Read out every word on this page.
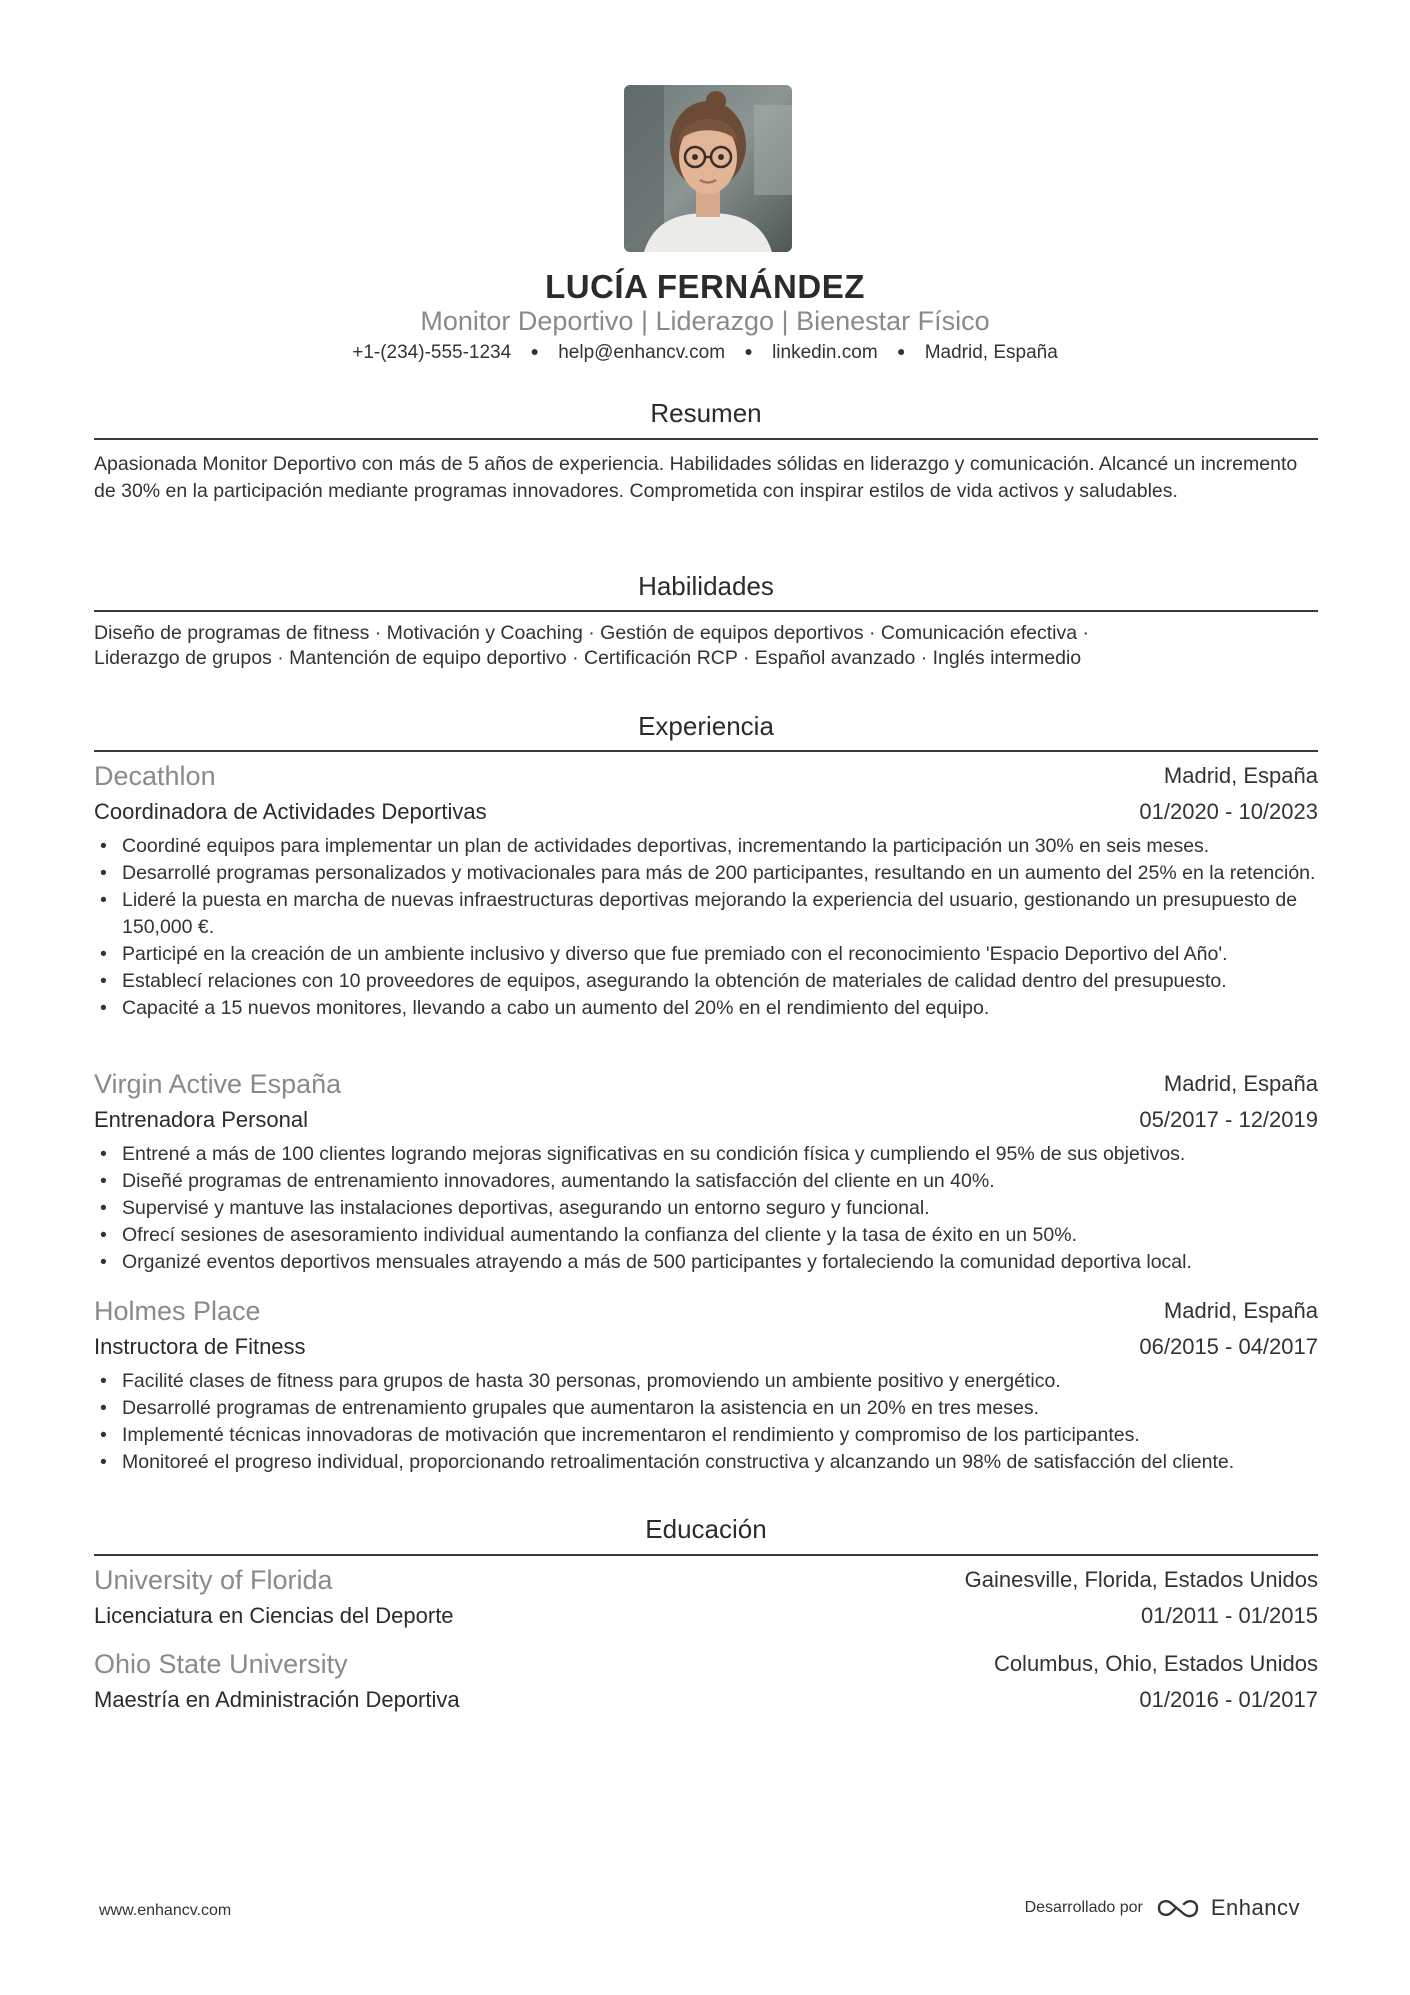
LUCÍA FERNÁNDEZ
Monitor Deportivo | Liderazgo | Bienestar Físico
+1-(234)-555-1234 ● help@enhancv.com ● linkedin.com ● Madrid, España
Resumen
Apasionada Monitor Deportivo con más de 5 años de experiencia. Habilidades sólidas en liderazgo y comunicación. Alcancé un incremento de 30% en la participación mediante programas innovadores. Comprometida con inspirar estilos de vida activos y saludables.
Habilidades
Diseño de programas de fitness · Motivación y Coaching · Gestión de equipos deportivos · Comunicación efectiva ·
Liderazgo de grupos · Mantención de equipo deportivo · Certificación RCP · Español avanzado · Inglés intermedio
Experiencia
Decathlon	Madrid, España
Coordinadora de Actividades Deportivas	01/2020 - 10/2023
• Coordiné equipos para implementar un plan de actividades deportivas, incrementando la participación un 30% en seis meses.
• Desarrollé programas personalizados y motivacionales para más de 200 participantes, resultando en un aumento del 25% en la retención.
• Lideré la puesta en marcha de nuevas infraestructuras deportivas mejorando la experiencia del usuario, gestionando un presupuesto de 150,000 €.
• Participé en la creación de un ambiente inclusivo y diverso que fue premiado con el reconocimiento 'Espacio Deportivo del Año'.
• Establecí relaciones con 10 proveedores de equipos, asegurando la obtención de materiales de calidad dentro del presupuesto.
• Capacité a 15 nuevos monitores, llevando a cabo un aumento del 20% en el rendimiento del equipo.
Virgin Active España	Madrid, España
Entrenadora Personal	05/2017 - 12/2019
• Entrené a más de 100 clientes logrando mejoras significativas en su condición física y cumpliendo el 95% de sus objetivos.
• Diseñé programas de entrenamiento innovadores, aumentando la satisfacción del cliente en un 40%.
• Supervisé y mantuve las instalaciones deportivas, asegurando un entorno seguro y funcional.
• Ofrecí sesiones de asesoramiento individual aumentando la confianza del cliente y la tasa de éxito en un 50%.
• Organizé eventos deportivos mensuales atrayendo a más de 500 participantes y fortaleciendo la comunidad deportiva local.
Holmes Place	Madrid, España
Instructora de Fitness	06/2015 - 04/2017
• Facilité clases de fitness para grupos de hasta 30 personas, promoviendo un ambiente positivo y energético.
• Desarrollé programas de entrenamiento grupales que aumentaron la asistencia en un 20% en tres meses.
• Implementé técnicas innovadoras de motivación que incrementaron el rendimiento y compromiso de los participantes.
• Monitoreé el progreso individual, proporcionando retroalimentación constructiva y alcanzando un 98% de satisfacción del cliente.
Educación
University of Florida	Gainesville, Florida, Estados Unidos
Licenciatura en Ciencias del Deporte	01/2011 - 01/2015
Ohio State University	Columbus, Ohio, Estados Unidos
Maestría en Administración Deportiva	01/2016 - 01/2017
www.enhancv.com	Desarrollado por	Enhancv
